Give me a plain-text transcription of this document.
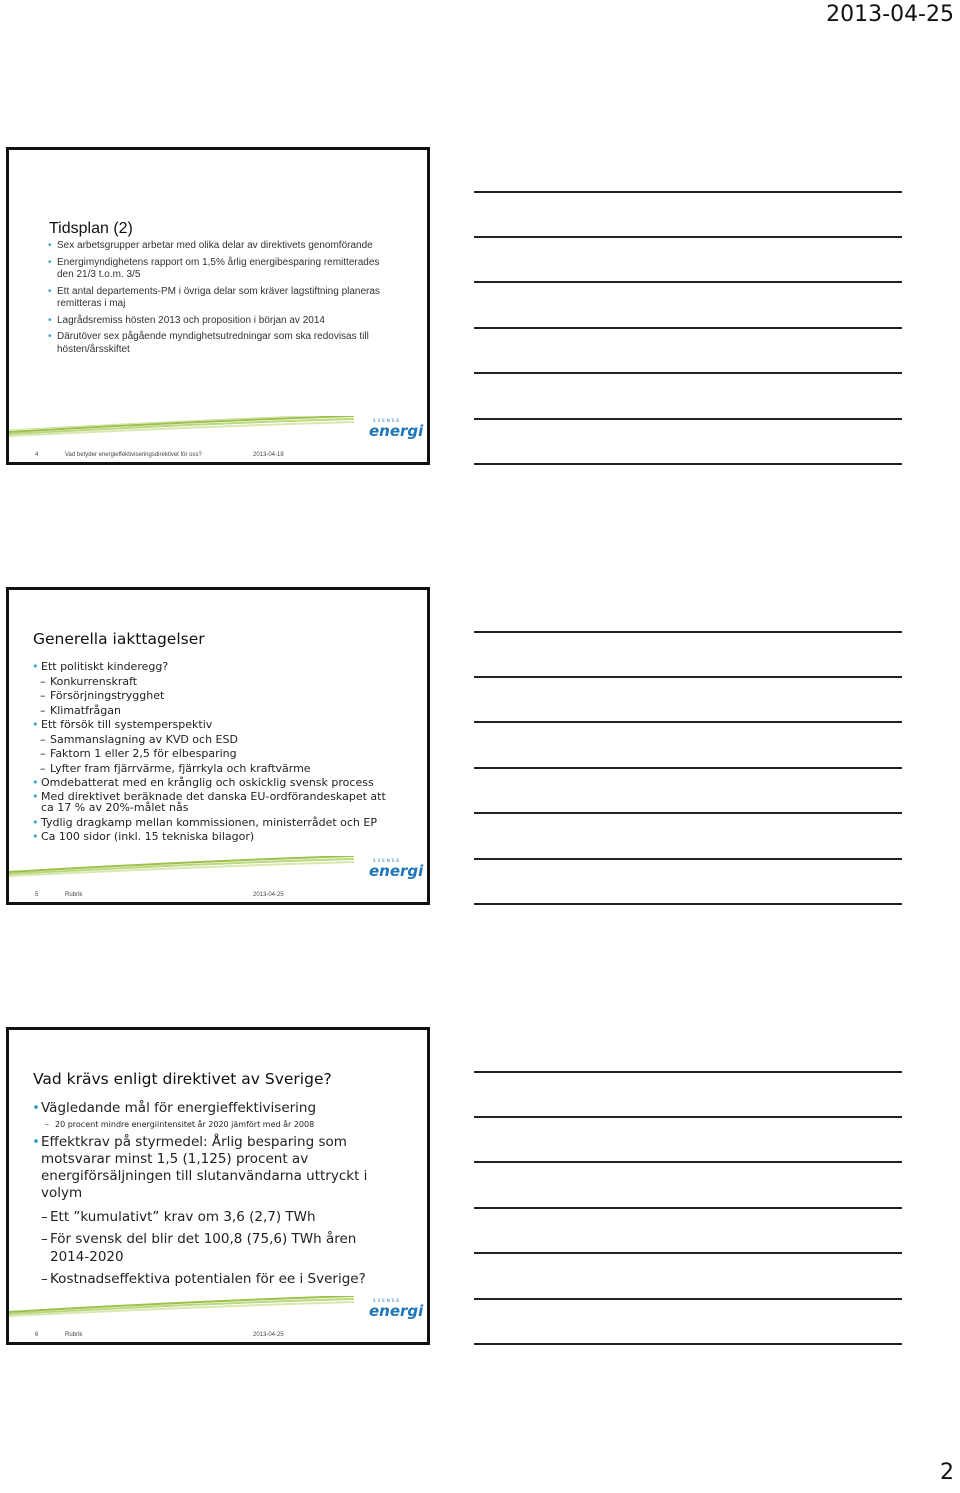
2013-04-25
Tidsplan (2)
• Sex arbetsgrupper arbetar med olika delar av direktivets genomförande
• Energimyndighetens rapport om 1,5% årlig energibesparing remitterades den 21/3 t.o.m. 3/5
• Ett antal departements-PM i övriga delar som kräver lagstiftning planeras remitteras i maj
• Lagrådsremiss hösten 2013 och proposition i början av 2014
• Därutöver sex pågående myndighetsutredningar som ska redovisas till hösten/årsskiftet
SVENSK
energi
4	Vad betyder energieffektiviseringsdirektivet för oss?	2013-04-18
Generella iakttagelser
• Ett politiskt kinderegg?
– Konkurrenskraft
– Försörjningstrygghet
– Klimatfrågan
• Ett försök till systemperspektiv
– Sammanslagning av KVD och ESD
– Faktorn 1 eller 2,5 för elbesparing
– Lyfter fram fjärrvärme, fjärrkyla och kraftvärme
• Omdebatterat med en krånglig och oskicklig svensk process
• Med direktivet beräknade det danska EU-ordförandeskapet att ca 17 % av 20%-målet nås
• Tydlig dragkamp mellan kommissionen, ministerrådet och EP
• Ca 100 sidor (inkl. 15 tekniska bilagor)
SVENSK
energi
5	Rubrik	2013-04-25
Vad krävs enligt direktivet av Sverige?
• Vägledande mål för energieffektivisering
– 20 procent mindre energiintensitet år 2020 jämfört med år 2008
• Effektkrav på styrmedel: Årlig besparing som motsvarar minst 1,5 (1,125) procent av energiförsäljningen till slutanvändarna uttryckt i volym
– Ett ”kumulativt” krav om 3,6 (2,7) TWh
– För svensk del blir det 100,8 (75,6) TWh åren 2014-2020
– Kostnadseffektiva potentialen för ee i Sverige?
SVENSK
energi
6	Rubrik	2013-04-25
2
